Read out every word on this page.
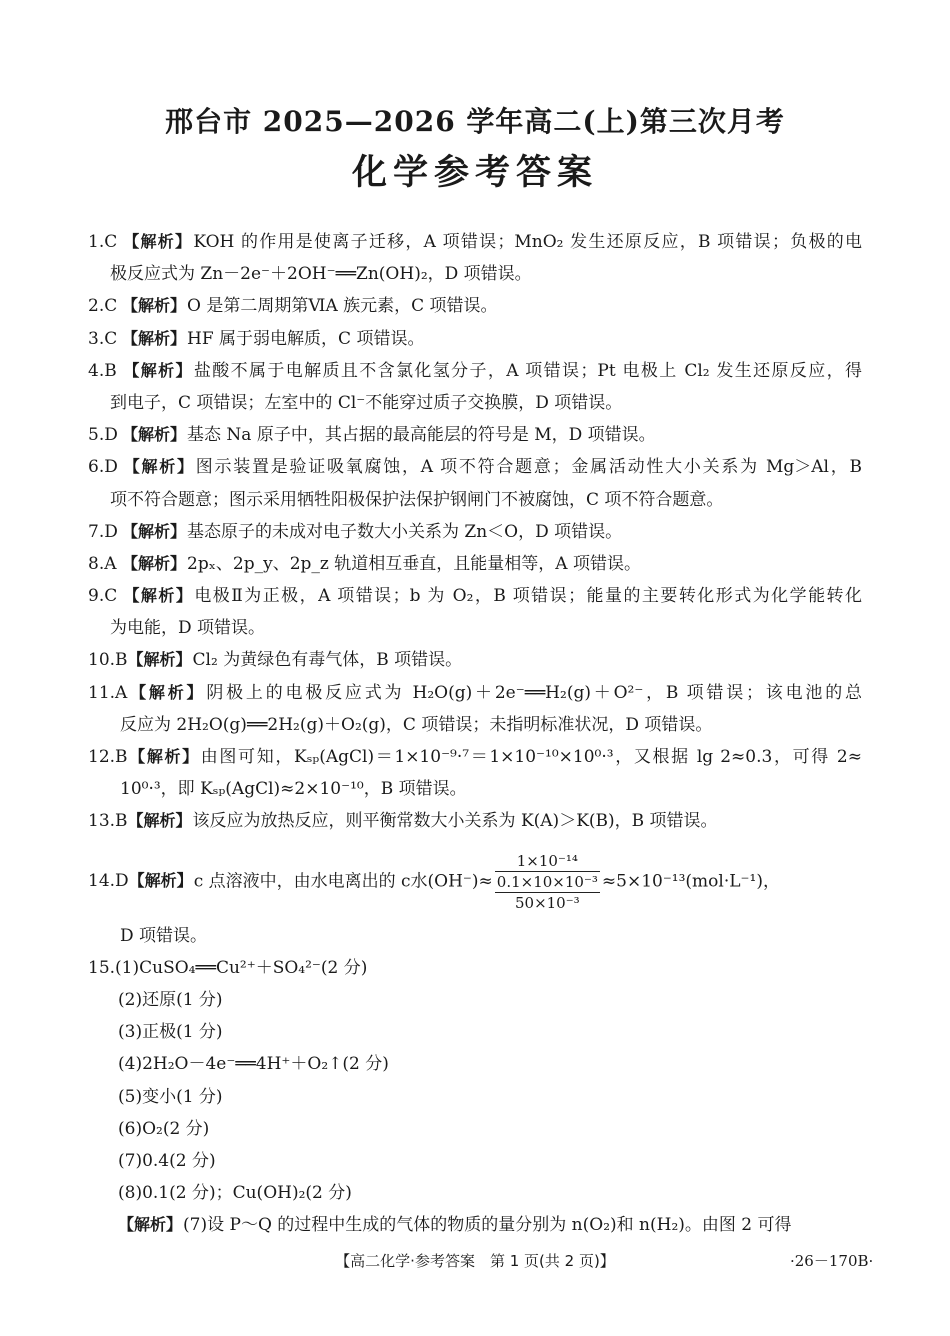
邢台市 2025—2026 学年高二(上)第三次月考
化学参考答案
1.C 【解析】KOH 的作用是使离子迁移，A 项错误；MnO₂ 发生还原反应，B 项错误；负极的电
极反应式为 Zn－2e⁻＋2OH⁻══Zn(OH)₂，D 项错误。
2.C 【解析】O 是第二周期第ⅥA 族元素，C 项错误。
3.C 【解析】HF 属于弱电解质，C 项错误。
4.B 【解析】盐酸不属于电解质且不含氯化氢分子，A 项错误；Pt 电极上 Cl₂ 发生还原反应，得
到电子，C 项错误；左室中的 Cl⁻不能穿过质子交换膜，D 项错误。
5.D 【解析】基态 Na 原子中，其占据的最高能层的符号是 M，D 项错误。
6.D 【解析】图示装置是验证吸氧腐蚀，A 项不符合题意；金属活动性大小关系为 Mg＞Al，B
项不符合题意；图示采用牺牲阳极保护法保护钢闸门不被腐蚀，C 项不符合题意。
7.D 【解析】基态原子的未成对电子数大小关系为 Zn＜O，D 项错误。
8.A 【解析】2pₓ、2p_y、2p_z 轨道相互垂直，且能量相等，A 项错误。
9.C 【解析】电极Ⅱ为正极，A 项错误；b 为 O₂，B 项错误；能量的主要转化形式为化学能转化
为电能，D 项错误。
10.B【解析】Cl₂ 为黄绿色有毒气体，B 项错误。
11.A【解析】阴极上的电极反应式为 H₂O(g)＋2e⁻══H₂(g)＋O²⁻，B 项错误；该电池的总
反应为 2H₂O(g)══2H₂(g)＋O₂(g)，C 项错误；未指明标准状况，D 项错误。
12.B【解析】由图可知，Kₛₚ(AgCl)＝1×10⁻⁹·⁷＝1×10⁻¹⁰×10⁰·³，又根据 lg 2≈0.3，可得 2≈
10⁰·³，即 Kₛₚ(AgCl)≈2×10⁻¹⁰，B 项错误。
13.B【解析】该反应为放热反应，则平衡常数大小关系为 K(A)＞K(B)，B 项错误。
14.D【解析】c 点溶液中，由水电离出的 c水(OH⁻)≈
1×10⁻¹⁴
0.1×10×10⁻³
50×10⁻³
≈5×10⁻¹³(mol·L⁻¹)，
D 项错误。
15.(1)CuSO₄══Cu²⁺＋SO₄²⁻(2 分)
(2)还原(1 分)
(3)正极(1 分)
(4)2H₂O－4e⁻══4H⁺＋O₂↑(2 分)
(5)变小(1 分)
(6)O₂(2 分)
(7)0.4(2 分)
(8)0.1(2 分)；Cu(OH)₂(2 分)
【解析】(7)设 P～Q 的过程中生成的气体的物质的量分别为 n(O₂)和 n(H₂)。由图 2 可得
【高二化学·参考答案　第 1 页(共 2 页)】	·26－170B·
